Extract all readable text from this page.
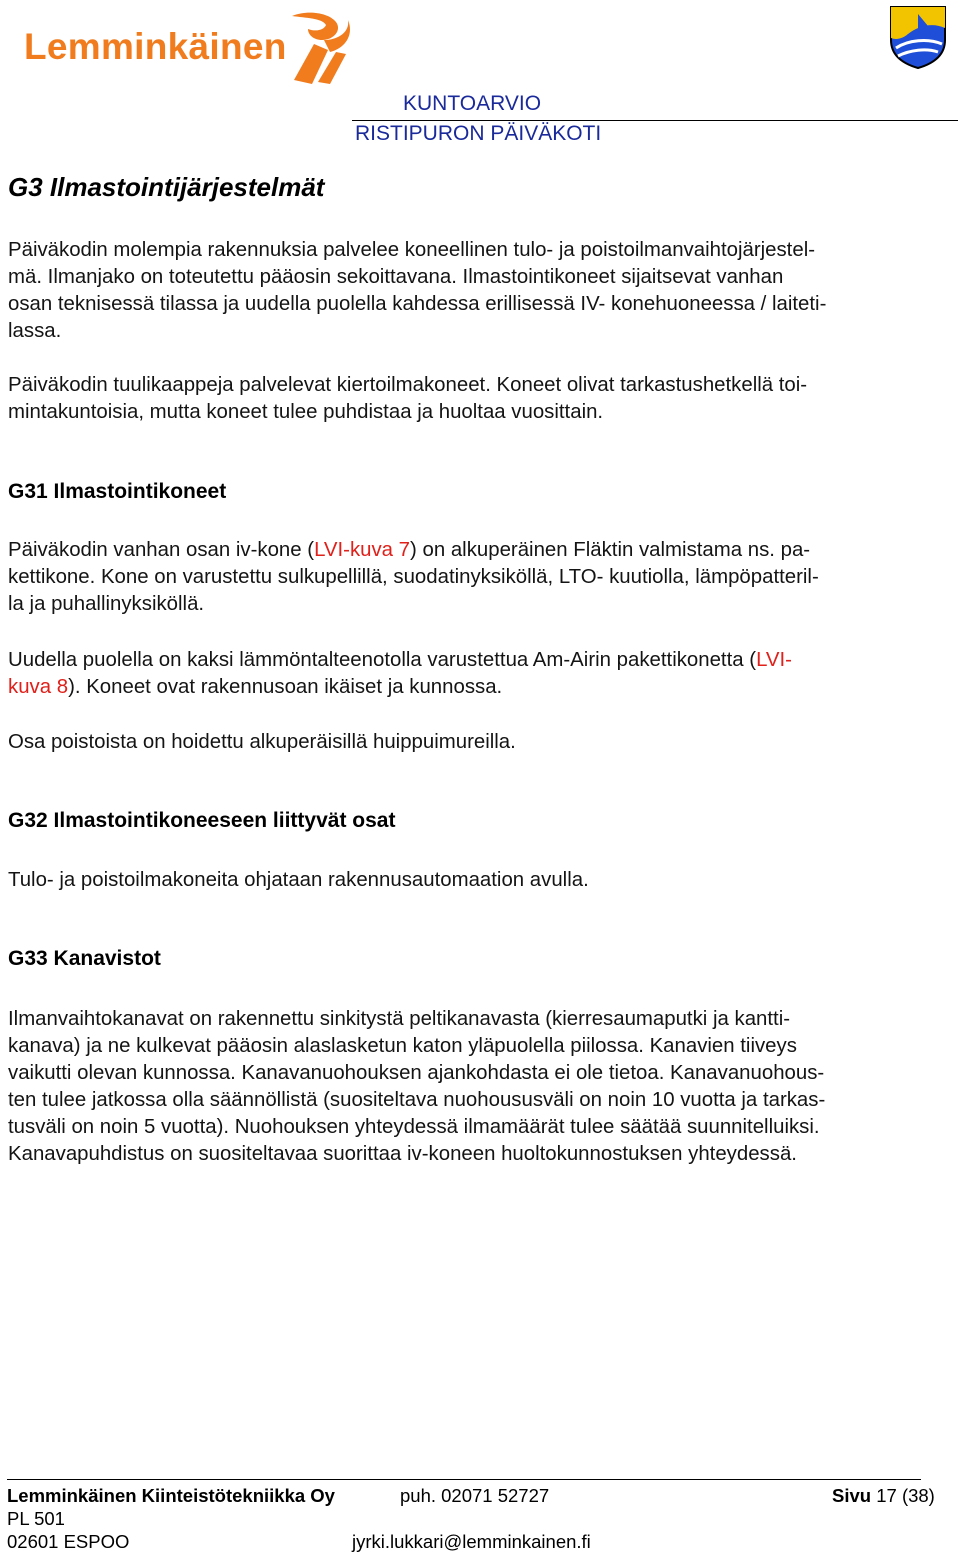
Lemminkäinen
KUNTOARVIO
RISTIPURON PÄIVÄKOTI
G3 Ilmastointijärjestelmät
Päiväkodin molempia rakennuksia palvelee koneellinen tulo- ja poistoilmanvaihtojärjestel-
mä. Ilmanjako on toteutettu pääosin sekoittavana. Ilmastointikoneet sijaitsevat vanhan
osan teknisessä tilassa ja uudella puolella kahdessa erillisessä IV- konehuoneessa / laiteti-
lassa.
Päiväkodin tuulikaappeja palvelevat kiertoilmakoneet. Koneet olivat tarkastushetkellä toi-
mintakuntoisia, mutta koneet tulee puhdistaa ja huoltaa vuosittain.
G31 Ilmastointikoneet
Päiväkodin vanhan osan iv-kone (LVI-kuva 7) on alkuperäinen Fläktin valmistama ns. pa-
kettikone. Kone on varustettu sulkupellillä, suodatinyksiköllä, LTO- kuutiolla, lämpöpatteril-
la ja puhallinyksiköllä.
Uudella puolella on kaksi lämmöntalteenotolla varustettua Am-Airin pakettikonetta (LVI-
kuva 8). Koneet ovat rakennusoan ikäiset ja kunnossa.
Osa poistoista on hoidettu alkuperäisillä huippuimureilla.
G32 Ilmastointikoneeseen liittyvät osat
Tulo- ja poistoilmakoneita ohjataan rakennusautomaation avulla.
G33 Kanavistot
Ilmanvaihtokanavat on rakennettu sinkitystä peltikanavasta (kierresaumaputki ja kantti-
kanava) ja ne kulkevat pääosin alaslasketun katon yläpuolella piilossa. Kanavien tiiveys
vaikutti olevan kunnossa. Kanavanuohouksen ajankohdasta ei ole tietoa. Kanavanuohous-
ten tulee jatkossa olla säännöllistä (suositeltava nuohoususväli on noin 10 vuotta ja tarkas-
tusväli on noin 5 vuotta). Nuohouksen yhteydessä ilmamäärät tulee säätää suunnitelluiksi.
Kanavapuhdistus on suositeltavaa suorittaa iv-koneen huoltokunnostuksen yhteydessä.
Lemminkäinen Kiinteistötekniikka Oy	puh. 02071 52727	Sivu 17 (38)
PL 501
02601 ESPOO	jyrki.lukkari@lemminkainen.fi
